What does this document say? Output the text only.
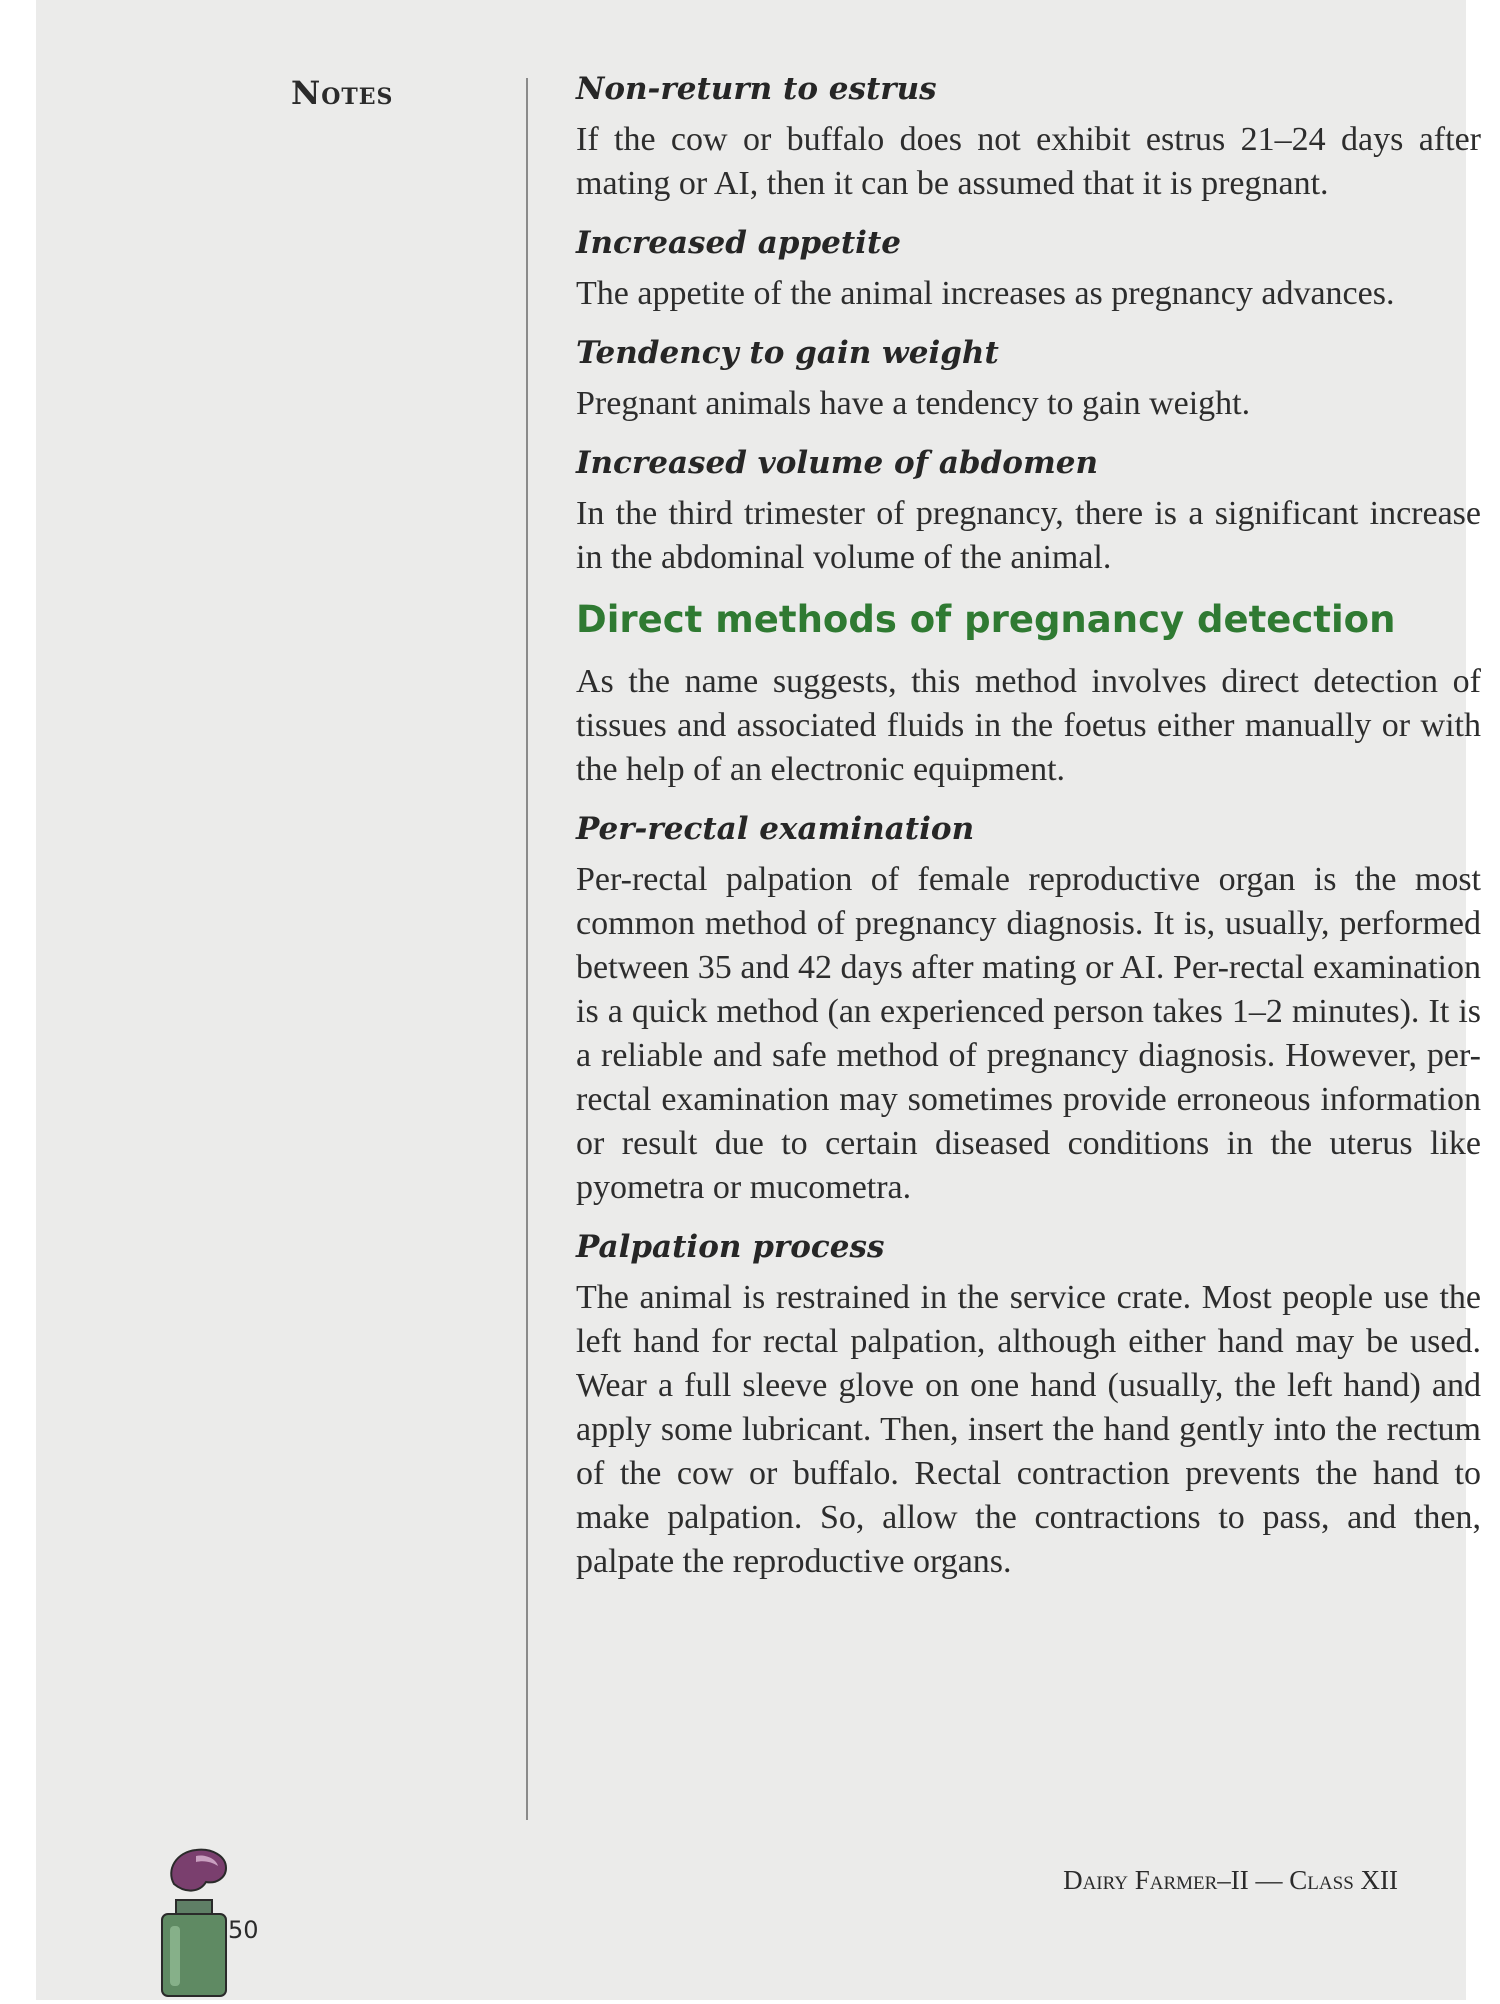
Notes	Non-return to estrus

If the cow or buffalo does not exhibit estrus 21–24 days after mating or AI, then it can be assumed that it is pregnant.

Increased appetite

The appetite of the animal increases as pregnancy advances.

Tendency to gain weight

Pregnant animals have a tendency to gain weight.

Increased volume of abdomen

In the third trimester of pregnancy, there is a significant increase in the abdominal volume of the animal.

Direct methods of pregnancy detection

As the name suggests, this method involves direct detection of tissues and associated fluids in the foetus either manually or with the help of an electronic equipment.

Per-rectal examination

Per-rectal palpation of female reproductive organ is the most common method of pregnancy diagnosis. It is, usually, performed between 35 and 42 days after mating or AI. Per-rectal examination is a quick method (an experienced person takes 1–2 minutes). It is a reliable and safe method of pregnancy diagnosis. However, per-rectal examination may sometimes provide erroneous information or result due to certain diseased conditions in the uterus like pyometra or mucometra.

Palpation process

The animal is restrained in the service crate. Most people use the left hand for rectal palpation, although either hand may be used. Wear a full sleeve glove on one hand (usually, the left hand) and apply some lubricant. Then, insert the hand gently into the rectum of the cow or buffalo. Rectal contraction prevents the hand to make palpation. So, allow the contractions to pass, and then, palpate the reproductive organs.

Dairy Farmer–II — Class XII
50
